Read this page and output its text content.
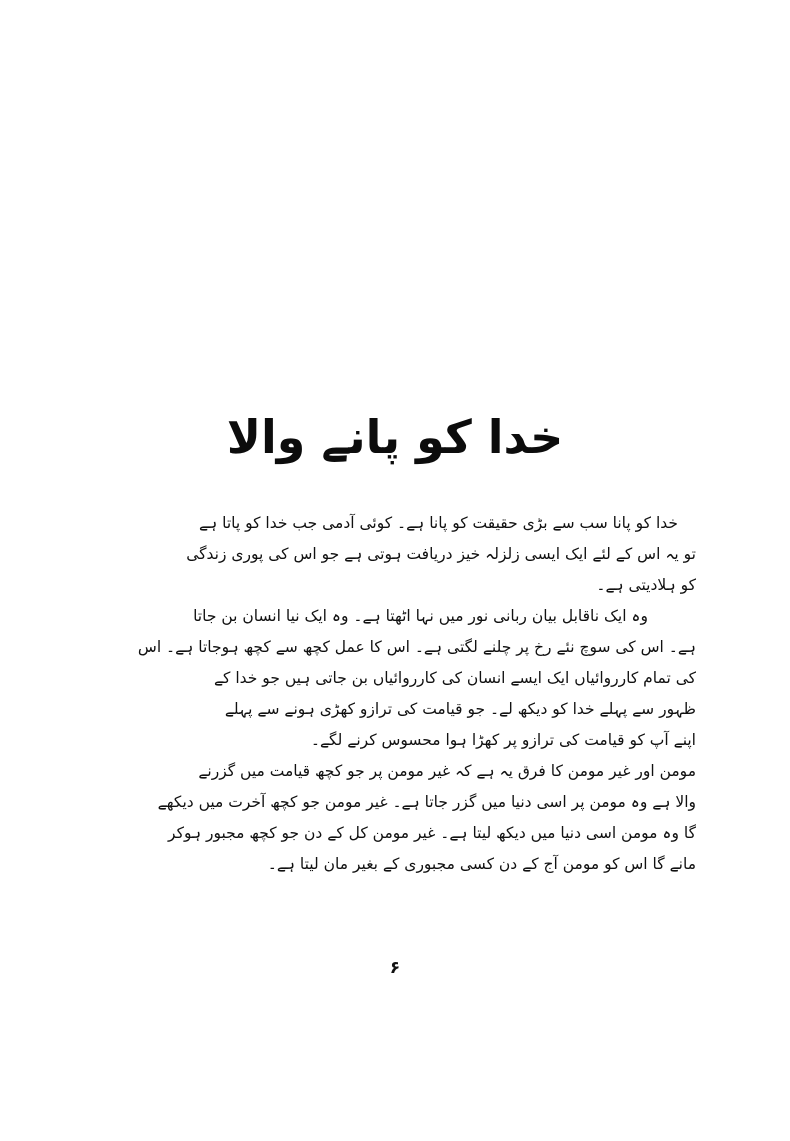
خدا کو پانے والا
خدا کو پانا سب سے بڑی حقیقت کو پانا ہے۔ کوئی آدمی جب خدا کو پاتا ہے
تو یہ اس کے لئے ایک ایسی زلزلہ خیز دریافت ہوتی ہے جو اس کی پوری زندگی
کو ہلادیتی ہے۔
وہ ایک ناقابل بیان ربانی نور میں نہا اٹھتا ہے۔ وہ ایک نیا انسان بن جاتا
ہے۔ اس کی سوچ نئے رخ پر چلنے لگتی ہے۔ اس کا عمل کچھ سے کچھ ہوجاتا ہے۔ اس
کی تمام کارروائیاں ایک ایسے انسان کی کارروائیاں بن جاتی ہیں جو خدا کے
ظہور سے پہلے خدا کو دیکھ لے۔ جو قیامت کی ترازو کھڑی ہونے سے پہلے
اپنے آپ کو قیامت کی ترازو پر کھڑا ہوا محسوس کرنے لگے۔
مومن اور غیر مومن کا فرق یہ ہے کہ غیر مومن پر جو کچھ قیامت میں گزرنے
والا ہے وہ مومن پر اسی دنیا میں گزر جاتا ہے۔ غیر مومن جو کچھ آخرت میں دیکھے
گا وہ مومن اسی دنیا میں دیکھ لیتا ہے۔ غیر مومن کل کے دن جو کچھ مجبور ہوکر
مانے گا اس کو مومن آج کے دن کسی مجبوری کے بغیر مان لیتا ہے۔
۶
